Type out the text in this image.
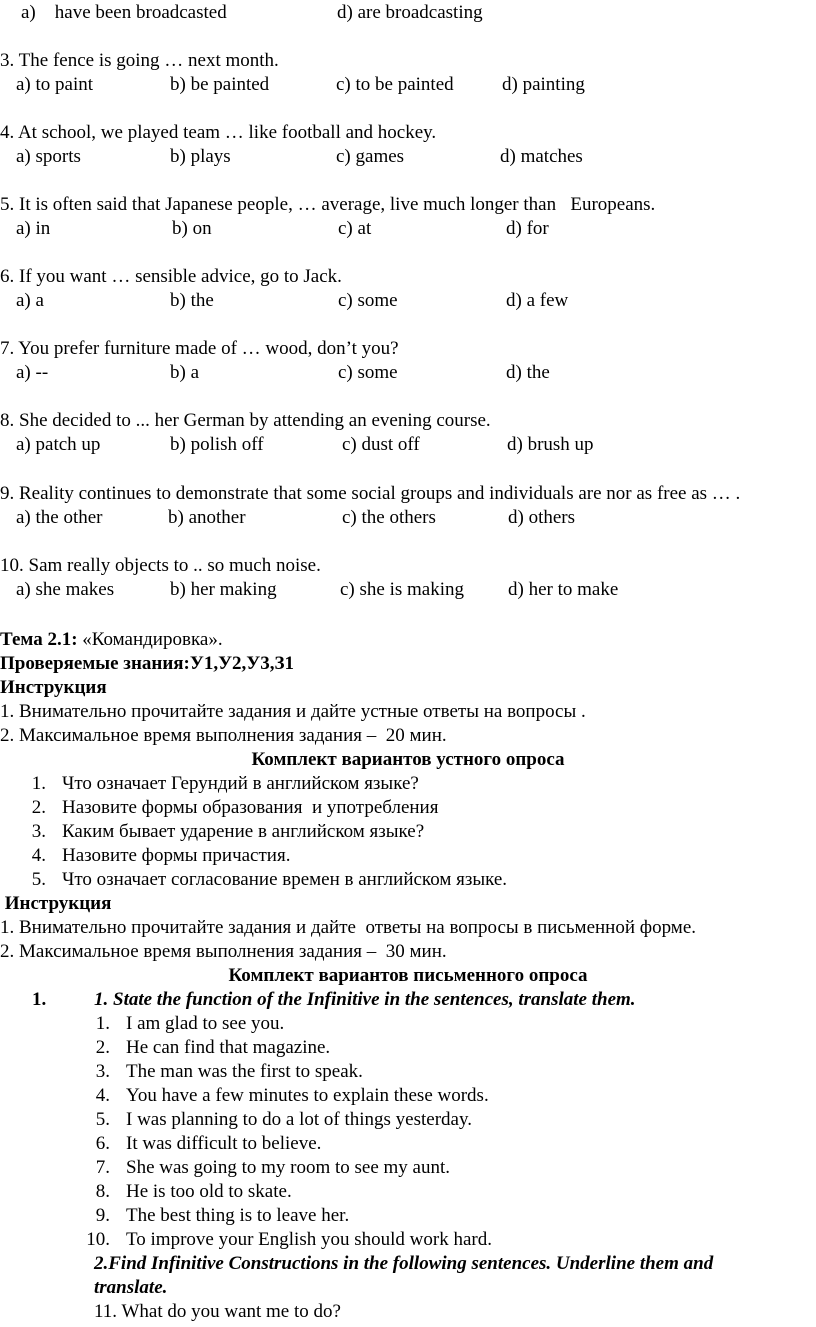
a)    have been broadcasted	d) are broadcasting
3. The fence is going … next month.
a) to paint	b) be painted	c) to be painted	d) painting
4. At school, we played team … like football and hockey.
a) sports	b) plays	c) games	d) matches
5. It is often said that Japanese people, … average, live much longer than   Europeans.
a) in	b) on	c) at	d) for
6. If you want … sensible advice, go to Jack.
a) a	b) the	c) some	d) a few
7. You prefer furniture made of … wood, don’t you?
a) --	b) a	c) some	d) the
8. She decided to ... her German by attending an evening course.
a) patch up	b) polish off	c) dust off	d) brush up
9. Reality continues to demonstrate that some social groups and individuals are nor as free as … .
a) the other	b) another	c) the others	d) others
10. Sam really objects to .. so much noise.
a) she makes	b) her making	c) she is making d) her to make
Тема 2.1: «Командировка».
Проверяемые знания:У1,У2,У3,З1
Инструкция
1. Внимательно прочитайте задания и дайте устные ответы на вопросы .
2. Максимальное время выполнения задания –  20 мин.
Комплект вариантов устного опроса
1. Что означает Герундий в английском языке?
2. Назовите формы образования  и употребления
3. Каким бывает ударение в английском языке?
4. Назовите формы причастия.
5. Что означает согласование времен в английском языке.
Инструкция
1. Внимательно прочитайте задания и дайте  ответы на вопросы в письменной форме.
2. Максимальное время выполнения задания –  30 мин.
Комплект вариантов письменного опроса
1.	1. State the function of the Infinitive in the sentences, translate them.
1. I am glad to see you.
2. He can find that magazine.
3. The man was the first to speak.
4. You have a few minutes to explain these words.
5. I was planning to do a lot of things yesterday.
6. It was difficult to believe.
7. She was going to my room to see my aunt.
8. He is too old to skate.
9. The best thing is to leave her.
10. To improve your English you should work hard.
2.Find Infinitive Constructions in the following sentences. Underline them and
translate.
11. What do you want me to do?
